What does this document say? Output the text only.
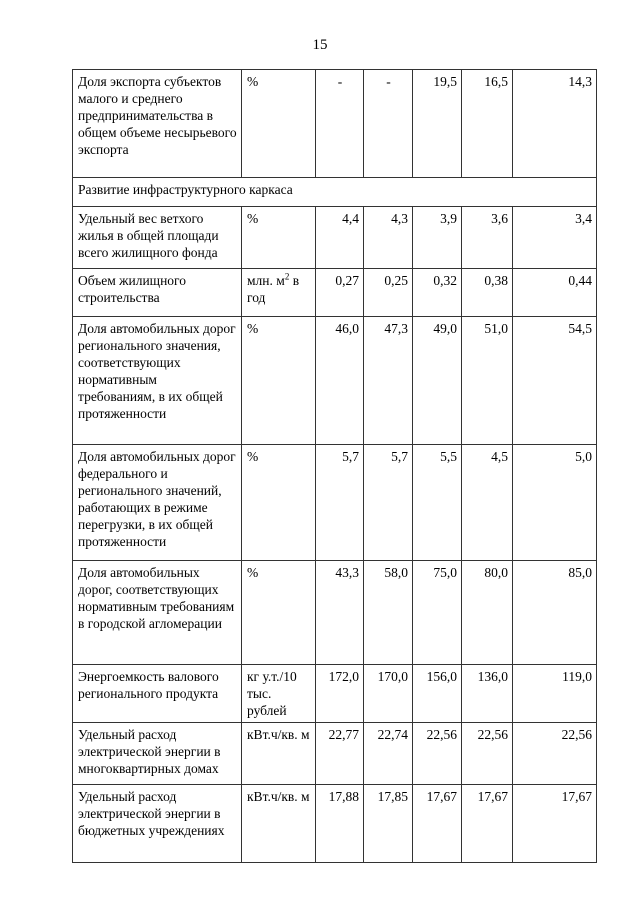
15
Доля экспорта субъектов малого и среднего предпринимательства в общем объеме несырьевого экспорта	%	-	-	19,5	16,5	14,3
Развитие инфраструктурного каркаса						
Удельный вес ветхого жилья в общей площади всего жилищного фонда	%	4,4	4,3	3,9	3,6	3,4
Объем жилищного строительства	млн. $м^2$ в год	0,27	0,25	0,32	0,38	0,44
Доля автомобильных дорог регионального значения, соответствующих нормативным требованиям, в их общей протяженности	%	46,0	47,3	49,0	51,0	54,5
Доля автомобильных дорог федерального и регионального значений, работающих в режиме перегрузки, в их общей протяженности	%	5,7	5,7	5,5	4,5	5,0
Доля автомобильных дорог, соответствующих нормативным требованиям в городской агломерации	%	43,3	58,0	75,0	80,0	85,0
Энергоемкость валового регионального продукта	кг у.т./10 тыс. рублей	172,0	170,0	156,0	136,0	119,0
Удельный расход электрической энергии в многоквартирных домах	кВт.ч/кв. м	22,77	22,74	22,56	22,56	22,56
Удельный расход электрической энергии в бюджетных учреждениях	кВт.ч/кв. м	17,88	17,85	17,67	17,67	17,67
